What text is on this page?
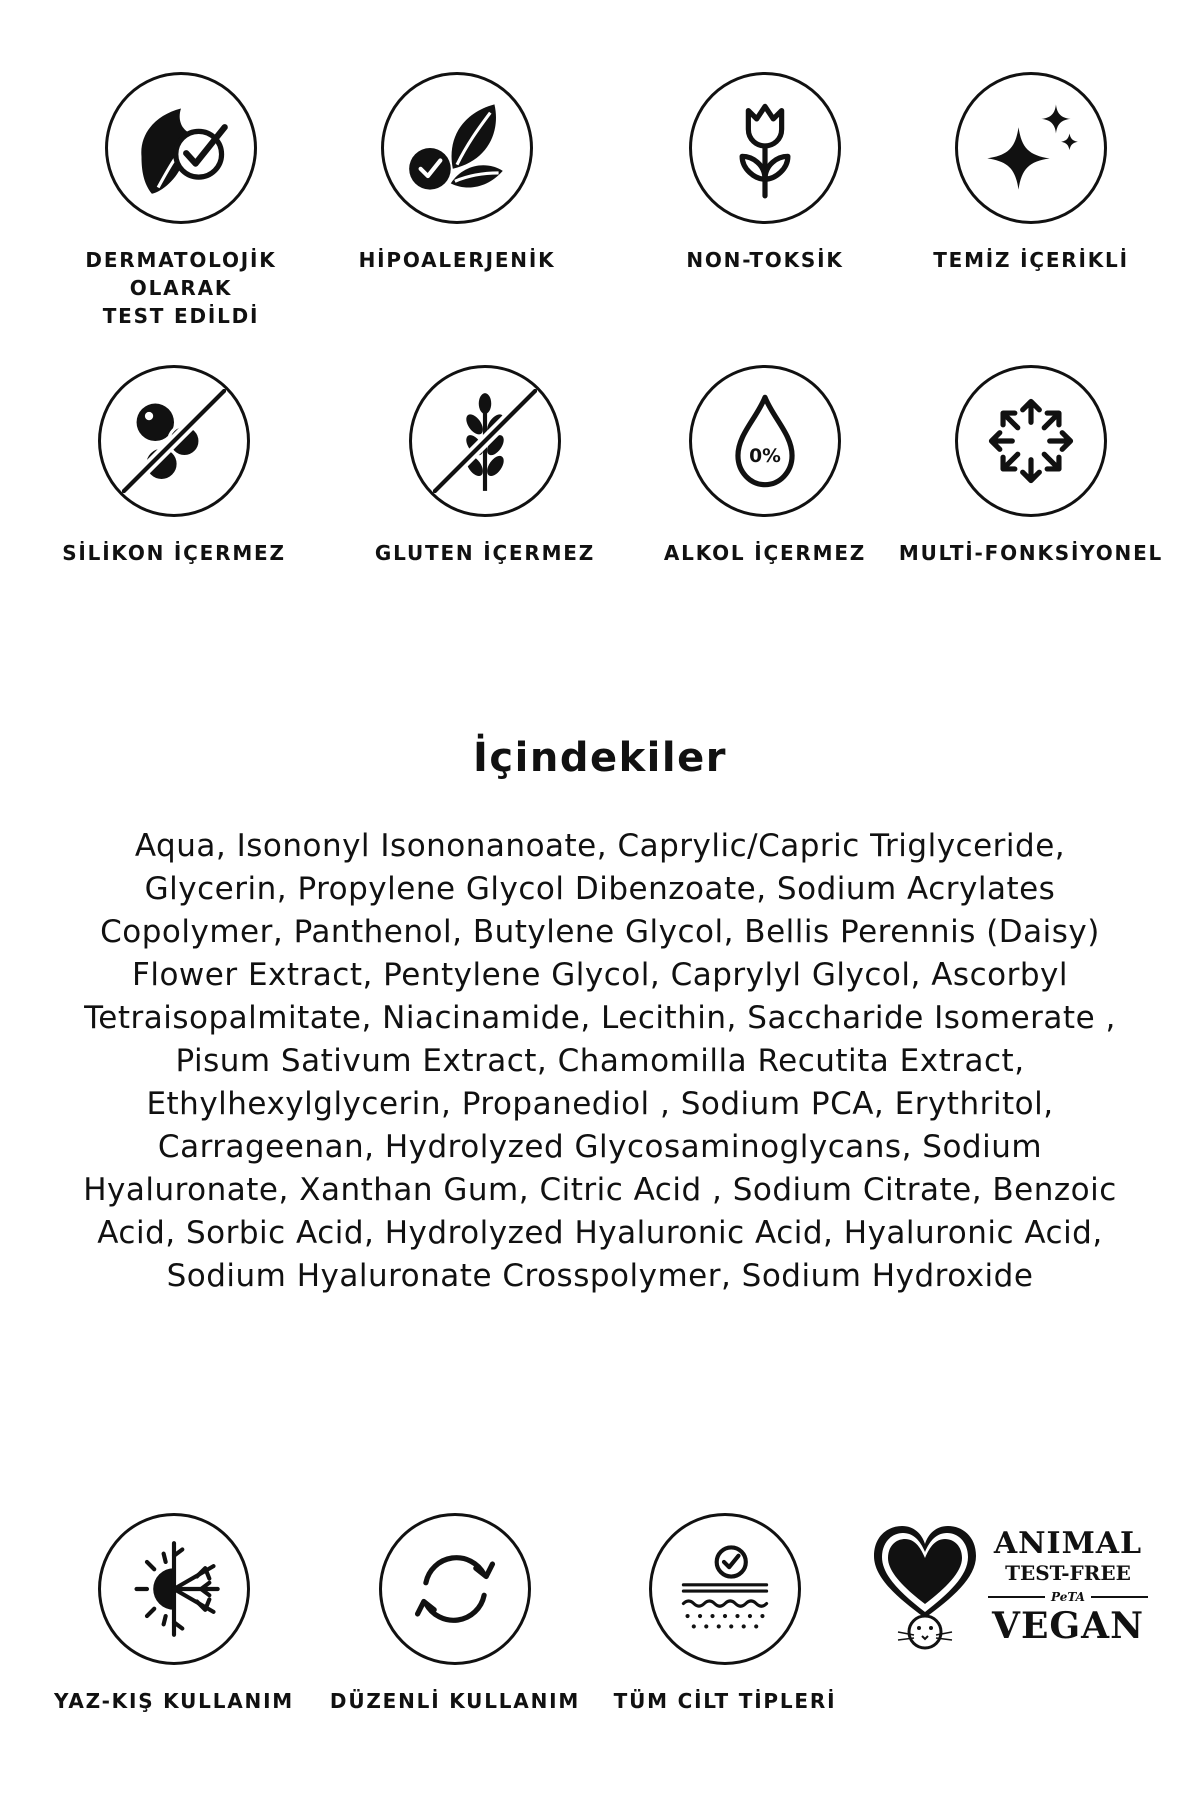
DERMATOLOJİK OLARAK
TEST EDİLDİ
HİPOALERJENİK	NON-TOKSİK	TEMİZ İÇERİKLİ
SİLİKON İÇERMEZ	GLUTEN İÇERMEZ
0%
ALKOL İÇERMEZ	MULTİ-FONKSİYONEL
İçindekiler

Aqua, Isononyl Isononanoate, Caprylic/Capric Triglyceride, Glycerin, Propylene Glycol Dibenzoate, Sodium Acrylates Copolymer, Panthenol, Butylene Glycol, Bellis Perennis (Daisy) Flower Extract, Pentylene Glycol, Caprylyl Glycol, Ascorbyl Tetraisopalmitate, Niacinamide, Lecithin, Saccharide Isomerate , Pisum Sativum Extract, Chamomilla Recutita Extract, Ethylhexylglycerin, Propanediol , Sodium PCA, Erythritol, Carrageenan, Hydrolyzed Glycosaminoglycans, Sodium Hyaluronate, Xanthan Gum, Citric Acid , Sodium Citrate, Benzoic Acid, Sorbic Acid, Hydrolyzed Hyaluronic Acid, Hyaluronic Acid, Sodium Hyaluronate Crosspolymer, Sodium Hydroxide

YAZ-KIŞ KULLANIM	DÜZENLİ KULLANIM	TÜM CİLT TİPLERİ
ANIMAL
TEST-FREE
PeTA
VEGAN
